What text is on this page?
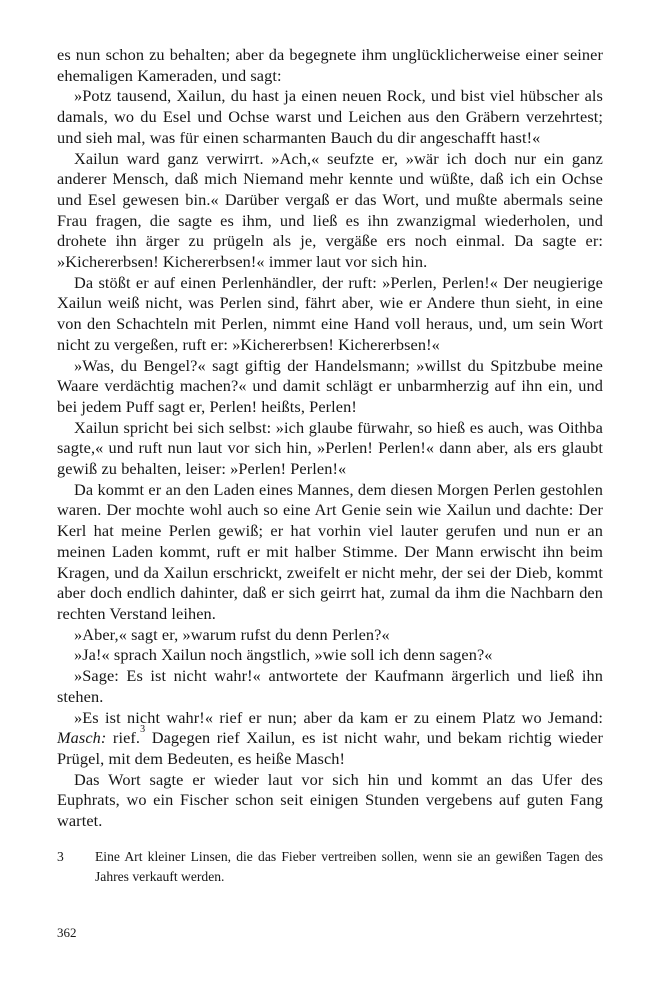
es nun schon zu behalten; aber da begegnete ihm unglücklicherweise einer seiner ehemaligen Kameraden, und sagt:

»Potz tausend, Xailun, du hast ja einen neuen Rock, und bist viel hübscher als damals, wo du Esel und Ochse warst und Leichen aus den Gräbern verzehrtest; und sieh mal, was für einen scharmanten Bauch du dir angeschafft hast!«

Xailun ward ganz verwirrt. »Ach,« seufzte er, »wär ich doch nur ein ganz anderer Mensch, daß mich Niemand mehr kennte und wüßte, daß ich ein Ochse und Esel gewesen bin.« Darüber vergaß er das Wort, und mußte abermals seine Frau fragen, die sagte es ihm, und ließ es ihn zwanzigmal wiederholen, und drohete ihn ärger zu prügeln als je, vergäße ers noch einmal. Da sagte er: »Kichererbsen! Kichererbsen!« immer laut vor sich hin.

Da stößt er auf einen Perlenhändler, der ruft: »Perlen, Perlen!« Der neugierige Xailun weiß nicht, was Perlen sind, fährt aber, wie er Andere thun sieht, in eine von den Schachteln mit Perlen, nimmt eine Hand voll heraus, und, um sein Wort nicht zu vergeßen, ruft er: »Kichererbsen! Kichererbsen!«

»Was, du Bengel?« sagt giftig der Handelsmann; »willst du Spitzbube meine Waare verdächtig machen?« und damit schlägt er unbarmherzig auf ihn ein, und bei jedem Puff sagt er, Perlen! heißts, Perlen!

Xailun spricht bei sich selbst: »ich glaube fürwahr, so hieß es auch, was Oithba sagte,« und ruft nun laut vor sich hin, »Perlen! Perlen!« dann aber, als ers glaubt gewiß zu behalten, leiser: »Perlen! Perlen!«

Da kommt er an den Laden eines Mannes, dem diesen Morgen Perlen gestohlen waren. Der mochte wohl auch so eine Art Genie sein wie Xailun und dachte: Der Kerl hat meine Perlen gewiß; er hat vorhin viel lauter gerufen und nun er an meinen Laden kommt, ruft er mit halber Stimme. Der Mann erwischt ihn beim Kragen, und da Xailun erschrickt, zweifelt er nicht mehr, der sei der Dieb, kommt aber doch endlich dahinter, daß er sich geirrt hat, zumal da ihm die Nachbarn den rechten Verstand leihen.

»Aber,« sagt er, »warum rufst du denn Perlen?«

»Ja!« sprach Xailun noch ängstlich, »wie soll ich denn sagen?«

»Sage: Es ist nicht wahr!« antwortete der Kaufmann ärgerlich und ließ ihn stehen.

»Es ist nicht wahr!« rief er nun; aber da kam er zu einem Platz wo Jemand: Masch: rief.$^3$ Dagegen rief Xailun, es ist nicht wahr, und bekam richtig wieder Prügel, mit dem Bedeuten, es heiße Masch!

Das Wort sagte er wieder laut vor sich hin und kommt an das Ufer des Euphrats, wo ein Fischer schon seit einigen Stunden vergebens auf guten Fang wartet.

3	Eine Art kleiner Linsen, die das Fieber vertreiben sollen, wenn sie an gewißen Tagen des Jahres verkauft werden.
362
